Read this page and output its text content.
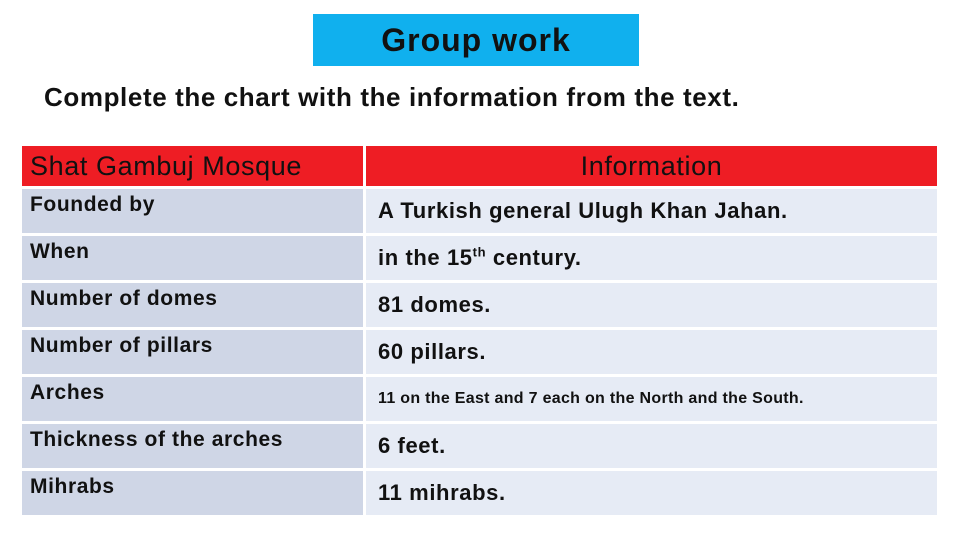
Group work
Complete the chart with the information from the text.
Shat Gambuj Mosque	Information
Founded by	A Turkish general Ulugh Khan Jahan.
When	in the 15th century.
Number of domes	81 domes.
Number of pillars	60 pillars.
Arches	11 on the East and 7 each on the North and the South.
Thickness of the arches	6 feet.
Mihrabs	11 mihrabs.
